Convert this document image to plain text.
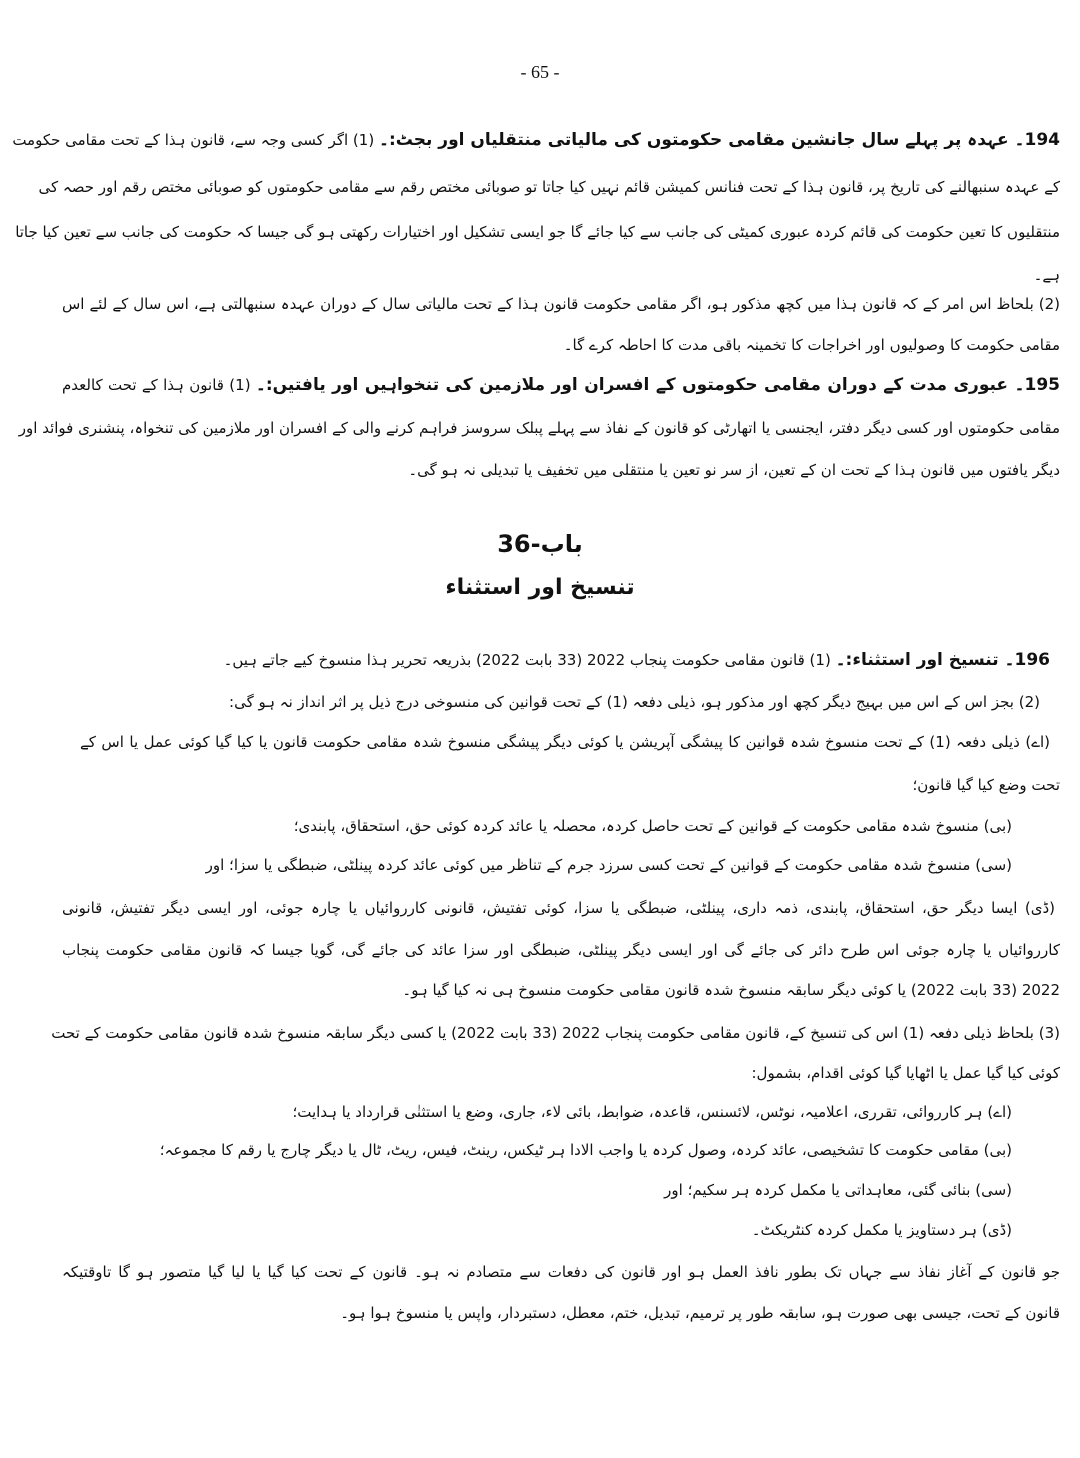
- 65 -
194۔ عہدہ پر پہلے سال جانشین مقامی حکومتوں کی مالیاتی منتقلیاں اور بجٹ:۔ (1) اگر کسی وجہ سے، قانون ہذا کے تحت مقامی حکومت
کے عہدہ سنبھالنے کی تاریخ پر، قانون ہذا کے تحت فنانس کمیشن قائم نہیں کیا جاتا تو صوبائی مختص رقم سے مقامی حکومتوں کو صوبائی مختص رقم اور حصہ کی
منتقلیوں کا تعین حکومت کی قائم کردہ عبوری کمیٹی کی جانب سے کیا جائے گا جو ایسی تشکیل اور اختیارات رکھتی ہو گی جیسا کہ حکومت کی جانب سے تعین کیا جاتا
ہے۔
(2) بلحاظ اس امر کے کہ قانون ہذا میں کچھ مذکور ہو، اگر مقامی حکومت قانون ہذا کے تحت مالیاتی سال کے دوران عہدہ سنبھالتی ہے، اس سال کے لئے اس
مقامی حکومت کا وصولیوں اور اخراجات کا تخمینہ باقی مدت کا احاطہ کرے گا۔
195۔ عبوری مدت کے دوران مقامی حکومتوں کے افسران اور ملازمین کی تنخواہیں اور یافتیں:۔ (1) قانون ہذا کے تحت کالعدم
مقامی حکومتوں اور کسی دیگر دفتر، ایجنسی یا اتھارٹی کو قانون کے نفاذ سے پہلے پبلک سروسز فراہم کرنے والی کے افسران اور ملازمین کی تنخواہ، پنشنری فوائد اور
دیگر یافتوں میں قانون ہذا کے تحت ان کے تعین، از سر نو تعین یا منتقلی میں تخفیف یا تبدیلی نہ ہو گی۔
باب-36
تنسیخ اور استثناء
196۔ تنسیخ اور استثناء:۔ (1) قانون مقامی حکومت پنجاب 2022 (33 بابت 2022) بذریعہ تحریر ہذا منسوخ کیے جاتے ہیں۔
(2) بجز اس کے اس میں بہیج دیگر کچھ اور مذکور ہو، ذیلی دفعہ (1) کے تحت قوانین کی منسوخی درج ذیل پر اثر انداز نہ ہو گی:
(اے) ذیلی دفعہ (1) کے تحت منسوخ شدہ قوانین کا پیشگی آپریشن یا کوئی دیگر پیشگی منسوخ شدہ مقامی حکومت قانون یا کیا گیا کوئی عمل یا اس کے
تحت وضع کیا گیا قانون؛
(بی) منسوخ شدہ مقامی حکومت کے قوانین کے تحت حاصل کردہ، محصلہ یا عائد کردہ کوئی حق، استحقاق، پابندی؛
(سی) منسوخ شدہ مقامی حکومت کے قوانین کے تحت کسی سرزد جرم کے تناظر میں کوئی عائد کردہ پینلٹی، ضبطگی یا سزا؛ اور
(ڈی) ایسا دیگر حق، استحقاق، پابندی، ذمہ داری، پینلٹی، ضبطگی یا سزا، کوئی تفتیش، قانونی کارروائیاں یا چارہ جوئی، اور ایسی دیگر تفتیش، قانونی
کارروائیاں یا چارہ جوئی اس طرح دائر کی جائے گی اور ایسی دیگر پینلٹی، ضبطگی اور سزا عائد کی جائے گی، گویا جیسا کہ قانون مقامی حکومت پنجاب
2022 (33 بابت 2022) یا کوئی دیگر سابقہ منسوخ شدہ قانون مقامی حکومت منسوخ ہی نہ کیا گیا ہو۔
(3) بلحاظ ذیلی دفعہ (1) اس کی تنسیخ کے، قانون مقامی حکومت پنجاب 2022 (33 بابت 2022) یا کسی دیگر سابقہ منسوخ شدہ قانون مقامی حکومت کے تحت
کوئی کیا گیا عمل یا اٹھایا گیا کوئی اقدام، بشمول:
(اے) ہر کارروائی، تقرری، اعلامیہ، نوٹس، لائسنس، قاعدہ، ضوابط، بائی لاء، جاری، وضع یا استثنٰی قرارداد یا ہدایت؛
(بی) مقامی حکومت کا تشخیصی، عائد کردہ، وصول کردہ یا واجب الادا ہر ٹیکس، رینٹ، فیس، ریٹ، ٹال یا دیگر چارج یا رقم کا مجموعہ؛
(سی) بنائی گئی، معاہداتی یا مکمل کردہ ہر سکیم؛ اور
(ڈی) ہر دستاویز یا مکمل کردہ کنٹریکٹ۔
جو قانون کے آغاز نفاذ سے جہاں تک بطور نافذ العمل ہو اور قانون کی دفعات سے متصادم نہ ہو۔ قانون کے تحت کیا گیا یا لیا گیا متصور ہو گا تاوقتیکہ
قانون کے تحت، جیسی بھی صورت ہو، سابقہ طور پر ترمیم، تبدیل، ختم، معطل، دستبردار، واپس یا منسوخ ہوا ہو۔
